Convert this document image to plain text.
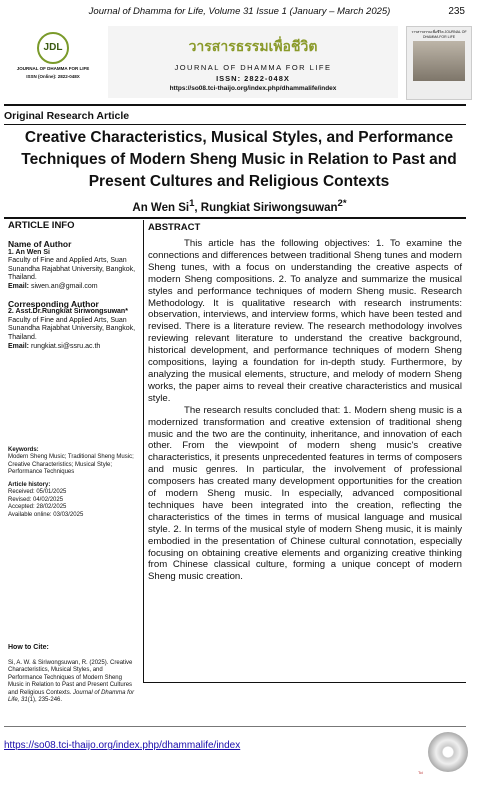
Journal of Dhamma for Life, Volume 31 Issue 1 (January – March 2025)	235
JDL
JOURNAL OF DHAMMA FOR LIFE
ISSN (Online): 2822-048X
วารสารธรรมเพื่อชีวิต
JOURNAL OF DHAMMA FOR LIFE
ISSN: 2822-048X
https://so08.tci-thaijo.org/index.php/dhammalife/index
วารสารธรรมเพื่อชีวิต JOURNAL OF DHAMMA FOR LIFE
Original Research Article
Creative Characteristics, Musical Styles, and Performance
Techniques of Modern Sheng Music in Relation to Past and
Present Cultures and Religious Contexts
An Wen Si$^1$, Rungkiat Siriwongsuwan$^{2*}$
ARTICLE INFO
Name of Author
1. An Wen Si
Faculty of Fine and Applied Arts, Suan Sunandha Rajabhat University, Bangkok, Thailand.
Email: siwen.an@gmail.com
Corresponding Author
2. Asst.Dr.Rungkiat Siriwongsuwan*
Faculty of Fine and Applied Arts, Suan Sunandha Rajabhat University, Bangkok, Thailand.
Email: rungkiat.si@ssru.ac.th
Keywords:
Modern Sheng Music; Traditional Sheng Music; Creative Characteristics; Musical Style; Performance Techniques
Article history:
Received: 05/01/2025
Revised: 04/02/2025
Accepted: 28/02/2025
Available online: 03/03/2025
How to Cite:
Si, A. W. & Siriwongsuwan, R. (2025). Creative Characteristics, Musical Styles, and Performance Techniques of Modern Sheng Music in Relation to Past and Present Cultures and Religious Contexts. Journal of Dhamma for Life, 31(1), 235-246.
ABSTRACT

This article has the following objectives: 1. To examine the connections and differences between traditional Sheng tunes and modern Sheng tunes, with a focus on understanding the creative aspects of modern Sheng compositions. 2. To analyze and summarize the musical styles and performance techniques of modern Sheng music. Research Methodology. It is qualitative research with research instruments: observation, interviews, and interview forms, which have been tested and revised. There is a literature review. The research methodology involves reviewing relevant literature to understand the creative background, historical development, and performance techniques of modern Sheng compositions, laying a foundation for in-depth study. Furthermore, by analyzing the musical elements, structure, and melody of modern Sheng works, the paper aims to reveal their creative characteristics and musical style.

The research results concluded that: 1. Modern sheng music is a modernized transformation and creative extension of traditional sheng music and the two are the continuity, inheritance, and innovation of each other. From the viewpoint of modern sheng music's creative characteristics, it presents unprecedented features in terms of composers and music genres. In particular, the involvement of professional composers has created many development opportunities for the creation of modern Sheng music. In especially, advanced compositional techniques have been integrated into the creation, reflecting the characteristics of the times in terms of musical language and musical style. 2. In terms of the musical style of modern Sheng music, it is mainly embodied in the presentation of Chinese cultural connotation, especially focusing on obtaining creative elements and organizing creative thinking from Chinese classical culture, forming a unique concept of modern Sheng music creation.

https://so08.tci-thaijo.org/index.php/dhammalife/index
Tci
